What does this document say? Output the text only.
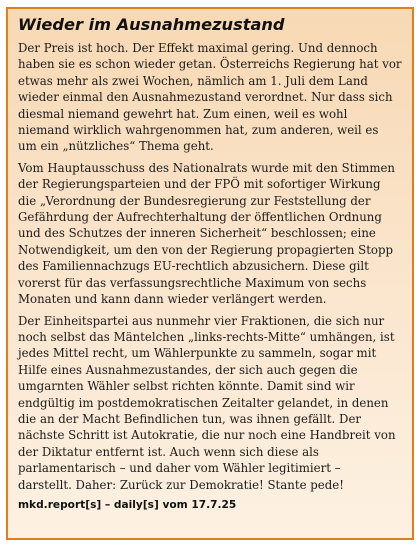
Wieder im Ausnahmezustand
Der Preis ist hoch. Der Effekt maximal gering. Und dennoch
haben sie es schon wieder getan. Österreichs Regierung hat vor
etwas mehr als zwei Wochen, nämlich am 1. Juli dem Land
wieder einmal den Ausnahmezustand verordnet. Nur dass sich
diesmal niemand gewehrt hat. Zum einen, weil es wohl
niemand wirklich wahrgenommen hat, zum anderen, weil es
um ein „nützliches“ Thema geht.
Vom Hauptausschuss des Nationalrats wurde mit den Stimmen
der Regierungsparteien und der FPÖ mit sofortiger Wirkung
die „Verordnung der Bundesregierung zur Feststellung der
Gefährdung der Aufrechterhaltung der öffentlichen Ordnung
und des Schutzes der inneren Sicherheit“ beschlossen; eine
Notwendigkeit, um den von der Regierung propagierten Stopp
des Familiennachzugs EU-rechtlich abzusichern. Diese gilt
vorerst für das verfassungsrechtliche Maximum von sechs
Monaten und kann dann wieder verlängert werden.
Der Einheitspartei aus nunmehr vier Fraktionen, die sich nur
noch selbst das Mäntelchen „links-rechts-Mitte“ umhängen, ist
jedes Mittel recht, um Wählerpunkte zu sammeln, sogar mit
Hilfe eines Ausnahmezustandes, der sich auch gegen die
umgarnten Wähler selbst richten könnte. Damit sind wir
endgültig im postdemokratischen Zeitalter gelandet, in denen
die an der Macht Befindlichen tun, was ihnen gefällt. Der
nächste Schritt ist Autokratie, die nur noch eine Handbreit von
der Diktatur entfernt ist. Auch wenn sich diese als
parlamentarisch – und daher vom Wähler legitimiert –
darstellt. Daher: Zurück zur Demokratie! Stante pede!
mkd.report[s] – daily[s] vom 17.7.25
